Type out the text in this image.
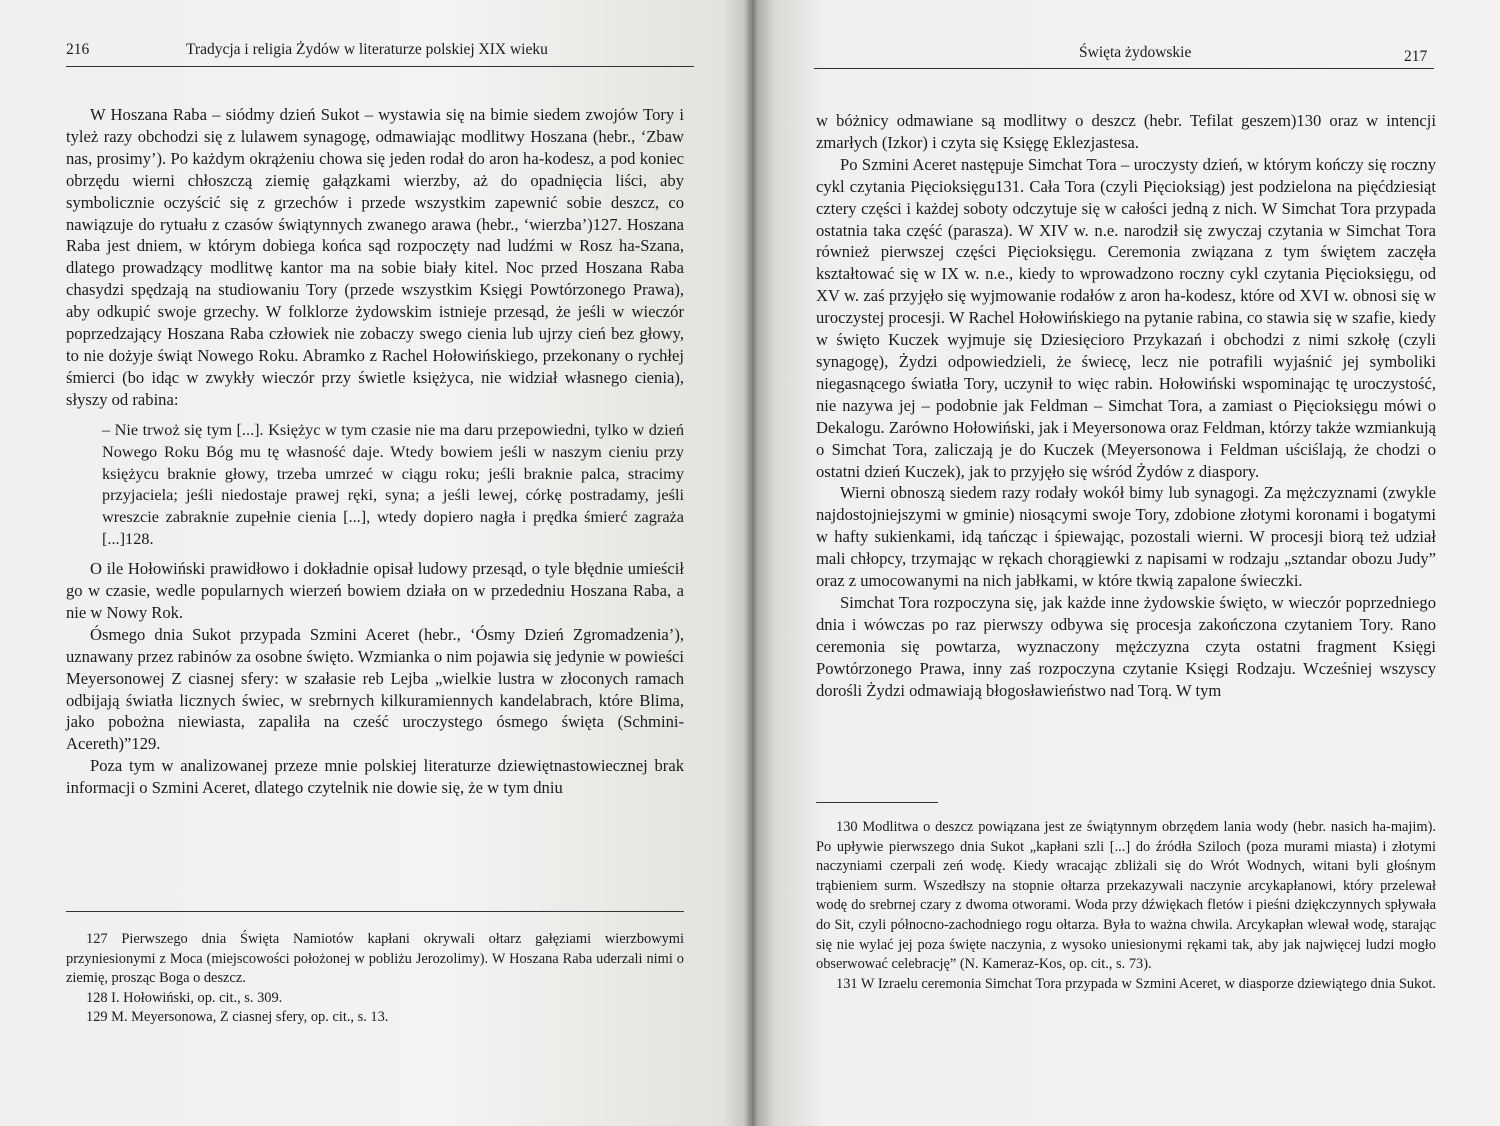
216	Tradycja i religia Żydów w literaturze polskiej XIX wieku

W Hoszana Raba – siódmy dzień Sukot – wystawia się na bimie siedem zwojów Tory i tyleż razy obchodzi się z lulawem synagogę, odmawiając modlitwy Hoszana (hebr., ‘Zbaw nas, prosimy’). Po każdym okrążeniu chowa się jeden rodał do aron ha-kodesz, a pod koniec obrzędu wierni chłoszczą ziemię gałązkami wierzby, aż do opadnięcia liści, aby symbolicznie oczyścić się z grzechów i przede wszystkim zapewnić sobie deszcz, co nawiązuje do rytuału z czasów świątynnych zwanego arawa (hebr., ‘wierzba’)127. Hoszana Raba jest dniem, w którym dobiega końca sąd rozpoczęty nad ludźmi w Rosz ha-Szana, dlatego prowadzący modlitwę kantor ma na sobie biały kitel. Noc przed Hoszana Raba chasydzi spędzają na studiowaniu Tory (przede wszystkim Księgi Powtórzonego Prawa), aby odkupić swoje grzechy. W folklorze żydowskim istnieje przesąd, że jeśli w wieczór poprzedzający Hoszana Raba człowiek nie zobaczy swego cienia lub ujrzy cień bez głowy, to nie dożyje świąt Nowego Roku. Abramko z Rachel Hołowińskiego, przekonany o rychłej śmierci (bo idąc w zwykły wieczór przy świetle księżyca, nie widział własnego cienia), słyszy od rabina:

– Nie trwoż się tym [...]. Księżyc w tym czasie nie ma daru przepowiedni, tylko w dzień Nowego Roku Bóg mu tę własność daje. Wtedy bowiem jeśli w naszym cieniu przy księżycu braknie głowy, trzeba umrzeć w ciągu roku; jeśli braknie palca, stracimy przyjaciela; jeśli niedostaje prawej ręki, syna; a jeśli lewej, córkę postradamy, jeśli wreszcie zabraknie zupełnie cienia [...], wtedy dopiero nagła i prędka śmierć zagraża [...]128.

O ile Hołowiński prawidłowo i dokładnie opisał ludowy przesąd, o tyle błędnie umieścił go w czasie, wedle popularnych wierzeń bowiem działa on w przededniu Hoszana Raba, a nie w Nowy Rok.

Ósmego dnia Sukot przypada Szmini Aceret (hebr., ‘Ósmy Dzień Zgromadzenia’), uznawany przez rabinów za osobne święto. Wzmianka o nim pojawia się jedynie w powieści Meyersonowej Z ciasnej sfery: w szałasie reb Lejba „wielkie lustra w złoconych ramach odbijają światła licznych świec, w srebrnych kilkuramiennych kandelabrach, które Blima, jako pobożna niewiasta, zapaliła na cześć uroczystego ósmego święta (Schmini-Acereth)”129.

Poza tym w analizowanej przeze mnie polskiej literaturze dziewiętnastowiecznej brak informacji o Szmini Aceret, dlatego czytelnik nie dowie się, że w tym dniu

127 Pierwszego dnia Święta Namiotów kapłani okrywali ołtarz gałęziami wierzbowymi przyniesionymi z Moca (miejscowości położonej w pobliżu Jerozolimy). W Hoszana Raba uderzali nimi o ziemię, prosząc Boga o deszcz.

128 I. Hołowiński, op. cit., s. 309.

129 M. Meyersonowa, Z ciasnej sfery, op. cit., s. 13.

Święta żydowskie	217

w bóżnicy odmawiane są modlitwy o deszcz (hebr. Tefilat geszem)130 oraz w intencji zmarłych (Izkor) i czyta się Księgę Eklezjastesa.

Po Szmini Aceret następuje Simchat Tora – uroczysty dzień, w którym kończy się roczny cykl czytania Pięcioksięgu131. Cała Tora (czyli Pięcioksiąg) jest podzielona na pięćdziesiąt cztery części i każdej soboty odczytuje się w całości jedną z nich. W Simchat Tora przypada ostatnia taka część (parasza). W XIV w. n.e. narodził się zwyczaj czytania w Simchat Tora również pierwszej części Pięcioksięgu. Ceremonia związana z tym świętem zaczęła kształtować się w IX w. n.e., kiedy to wprowadzono roczny cykl czytania Pięcioksięgu, od XV w. zaś przyjęło się wyjmowanie rodałów z aron ha-kodesz, które od XVI w. obnosi się w uroczystej procesji. W Rachel Hołowińskiego na pytanie rabina, co stawia się w szafie, kiedy w święto Kuczek wyjmuje się Dziesięcioro Przykazań i obchodzi z nimi szkołę (czyli synagogę), Żydzi odpowiedzieli, że świecę, lecz nie potrafili wyjaśnić jej symboliki niegasnącego światła Tory, uczynił to więc rabin. Hołowiński wspominając tę uroczystość, nie nazywa jej – podobnie jak Feldman – Simchat Tora, a zamiast o Pięcioksięgu mówi o Dekalogu. Zarówno Hołowiński, jak i Meyersonowa oraz Feldman, którzy także wzmiankują o Simchat Tora, zaliczają je do Kuczek (Meyersonowa i Feldman uściślają, że chodzi o ostatni dzień Kuczek), jak to przyjęło się wśród Żydów z diaspory.

Wierni obnoszą siedem razy rodały wokół bimy lub synagogi. Za mężczyznami (zwykle najdostojniejszymi w gminie) niosącymi swoje Tory, zdobione złotymi koronami i bogatymi w hafty sukienkami, idą tańcząc i śpiewając, pozostali wierni. W procesji biorą też udział mali chłopcy, trzymając w rękach chorągiewki z napisami w rodzaju „sztandar obozu Judy” oraz z umocowanymi na nich jabłkami, w które tkwią zapalone świeczki.

Simchat Tora rozpoczyna się, jak każde inne żydowskie święto, w wieczór poprzedniego dnia i wówczas po raz pierwszy odbywa się procesja zakończona czytaniem Tory. Rano ceremonia się powtarza, wyznaczony mężczyzna czyta ostatni fragment Księgi Powtórzonego Prawa, inny zaś rozpoczyna czytanie Księgi Rodzaju. Wcześniej wszyscy dorośli Żydzi odmawiają błogosławieństwo nad Torą. W tym

130 Modlitwa o deszcz powiązana jest ze świątynnym obrzędem lania wody (hebr. nasich ha-majim). Po upływie pierwszego dnia Sukot „kapłani szli [...] do źródła Sziloch (poza murami miasta) i złotymi naczyniami czerpali zeń wodę. Kiedy wracając zbliżali się do Wrót Wodnych, witani byli głośnym trąbieniem surm. Wszedłszy na stopnie ołtarza przekazywali naczynie arcykapłanowi, który przelewał wodę do srebrnej czary z dwoma otworami. Woda przy dźwiękach fletów i pieśni dziękczynnych spływała do Sit, czyli północno-zachodniego rogu ołtarza. Była to ważna chwila. Arcykapłan wlewał wodę, starając się nie wylać jej poza święte naczynia, z wysoko uniesionymi rękami tak, aby jak najwięcej ludzi mogło obserwować celebrację” (N. Kameraz-Kos, op. cit., s. 73).

131 W Izraelu ceremonia Simchat Tora przypada w Szmini Aceret, w diasporze dziewiątego dnia Sukot.
